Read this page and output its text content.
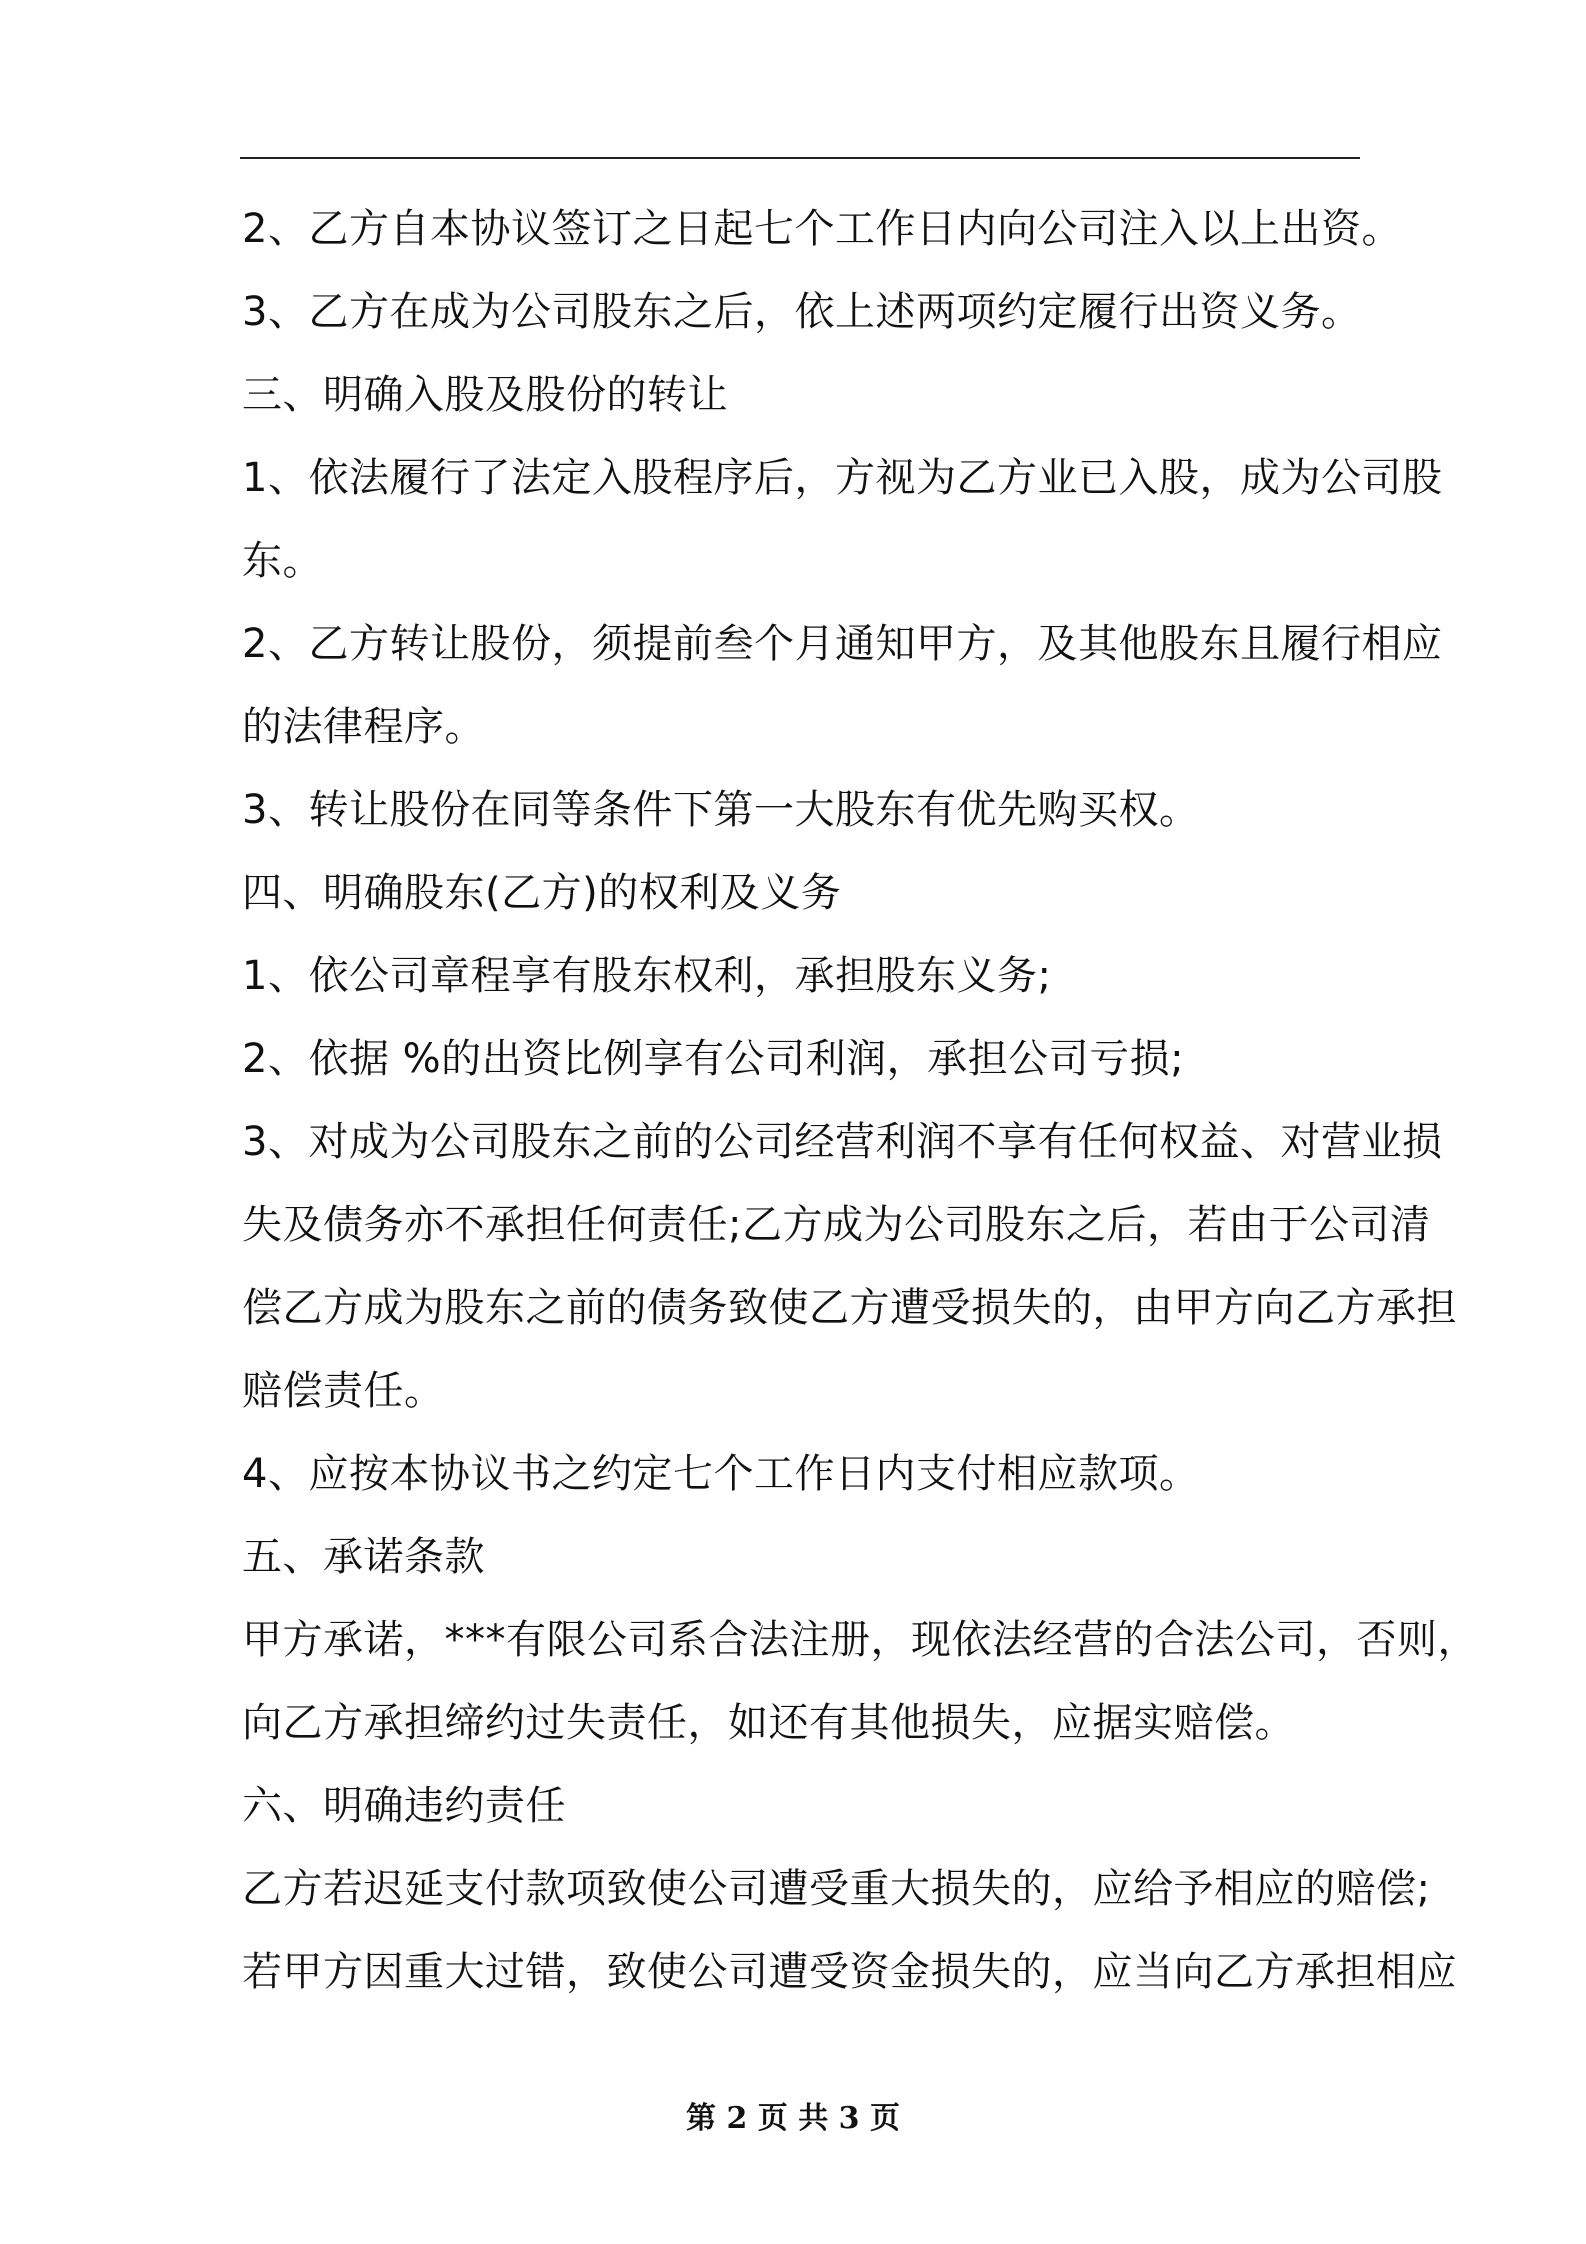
2、乙方自本协议签订之日起七个工作日内向公司注入以上出资。
3、乙方在成为公司股东之后，依上述两项约定履行出资义务。
三、明确入股及股份的转让
1、依法履行了法定入股程序后，方视为乙方业已入股，成为公司股
东。
2、乙方转让股份，须提前叁个月通知甲方，及其他股东且履行相应
的法律程序。
3、转让股份在同等条件下第一大股东有优先购买权。
四、明确股东(乙方)的权利及义务
1、依公司章程享有股东权利，承担股东义务;
2、依据 %的出资比例享有公司利润，承担公司亏损;
3、对成为公司股东之前的公司经营利润不享有任何权益、对营业损
失及债务亦不承担任何责任;乙方成为公司股东之后，若由于公司清
偿乙方成为股东之前的债务致使乙方遭受损失的，由甲方向乙方承担
赔偿责任。
4、应按本协议书之约定七个工作日内支付相应款项。
五、承诺条款
甲方承诺，***有限公司系合法注册，现依法经营的合法公司，否则，
向乙方承担缔约过失责任，如还有其他损失，应据实赔偿。
六、明确违约责任
乙方若迟延支付款项致使公司遭受重大损失的，应给予相应的赔偿;
若甲方因重大过错，致使公司遭受资金损失的，应当向乙方承担相应
第 2 页 共 3 页
